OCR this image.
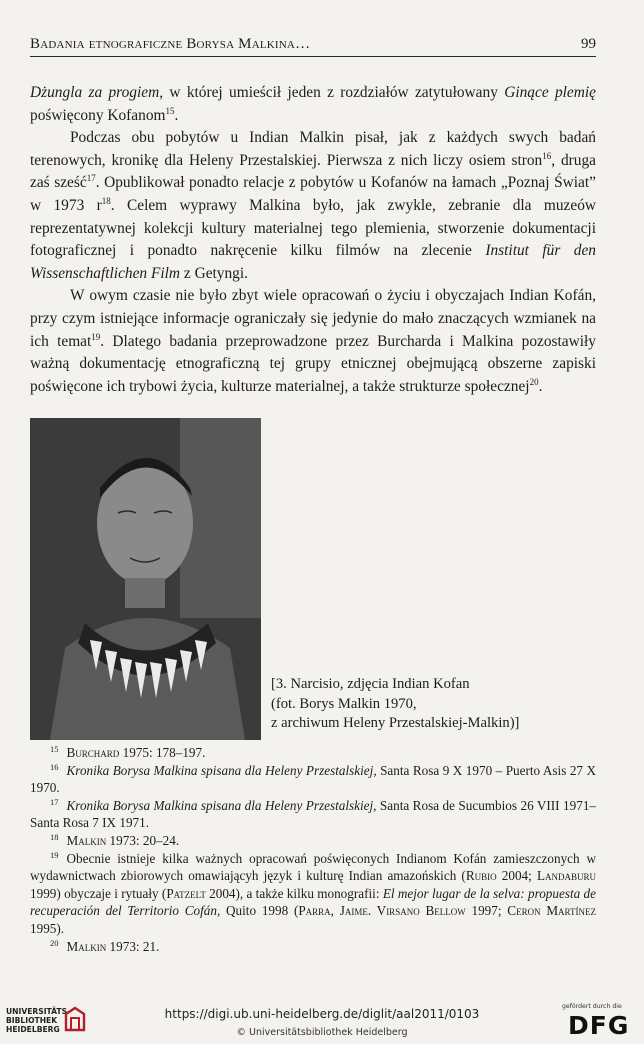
Badania etnograficzne Borysa Malkina…	99

Dżungla za progiem, w której umieścił jeden z rozdziałów zatytułowany Ginące plemię poświęcony Kofanom$^{15}$.

Podczas obu pobytów u Indian Malkin pisał, jak z każdych swych badań terenowych, kronikę dla Heleny Przestalskiej. Pierwsza z nich liczy osiem stron$^{16}$, druga zaś sześć$^{17}$. Opublikował ponadto relacje z pobytów u Kofanów na łamach „Poznaj Świat” w 1973 $r^{18}$. Celem wyprawy Malkina było, jak zwykle, zebranie dla muzeów reprezentatywnej kolekcji kultury materialnej tego plemienia, stworzenie dokumentacji fotograficznej i ponadto nakręcenie kilku filmów na zlecenie Institut für den Wissenschaftlichen Film z Getyngi.

W owym czasie nie było zbyt wiele opracowań o życiu i obyczajach Indian Kofán, przy czym istniejące informacje ograniczały się jedynie do mało znaczących wzmianek na ich temat$^{19}$. Dlatego badania przeprowadzone przez Burcharda i Malkina pozostawiły ważną dokumentację etnograficzną tej grupy etnicznej obejmującą obszerne zapiski poświęcone ich trybowi życia, kulturze materialnej, a także strukturze społecznej$^{20}$.

[3. Narcisio, zdjęcia Indian Kofan
(fot. Borys Malkin 1970,
z archiwum Heleny Przestalskiej-Malkin)]

$^{15}$ Burchard 1975: 178–197.

$^{16}$ Kronika Borysa Malkina spisana dla Heleny Przestalskiej, Santa Rosa 9 X 1970 – Puerto Asis 27 X 1970.

$^{17}$ Kronika Borysa Malkina spisana dla Heleny Przestalskiej, Santa Rosa de Sucumbios 26 VIII 1971–Santa Rosa 7 IX 1971.

$^{18}$ Malkin 1973: 20–24.

$^{19}$ Obecnie istnieje kilka ważnych opracowań poświęconych Indianom Kofán zamieszczonych w wydawnictwach zbiorowych omawiającyh język i kulturę Indian amazońskich (Rubio 2004; Landaburu 1999) obyczaje i rytuały (Patzelt 2004), a także kilku monografii: El mejor lugar de la selva: propuesta de recuperación del Territorio Cofán, Quito 1998 (Parra, Jaime. Virsano Bellow 1997; Ceron Martínez 1995).

$^{20}$ Malkin 1973: 21.

UNIVERSITÄTS-
BIBLIOTHEK
HEIDELBERG
https://digi.ub.uni-heidelberg.de/diglit/aal2011/0103
© Universitätsbibliothek Heidelberg
gefördert durch die
DFG
